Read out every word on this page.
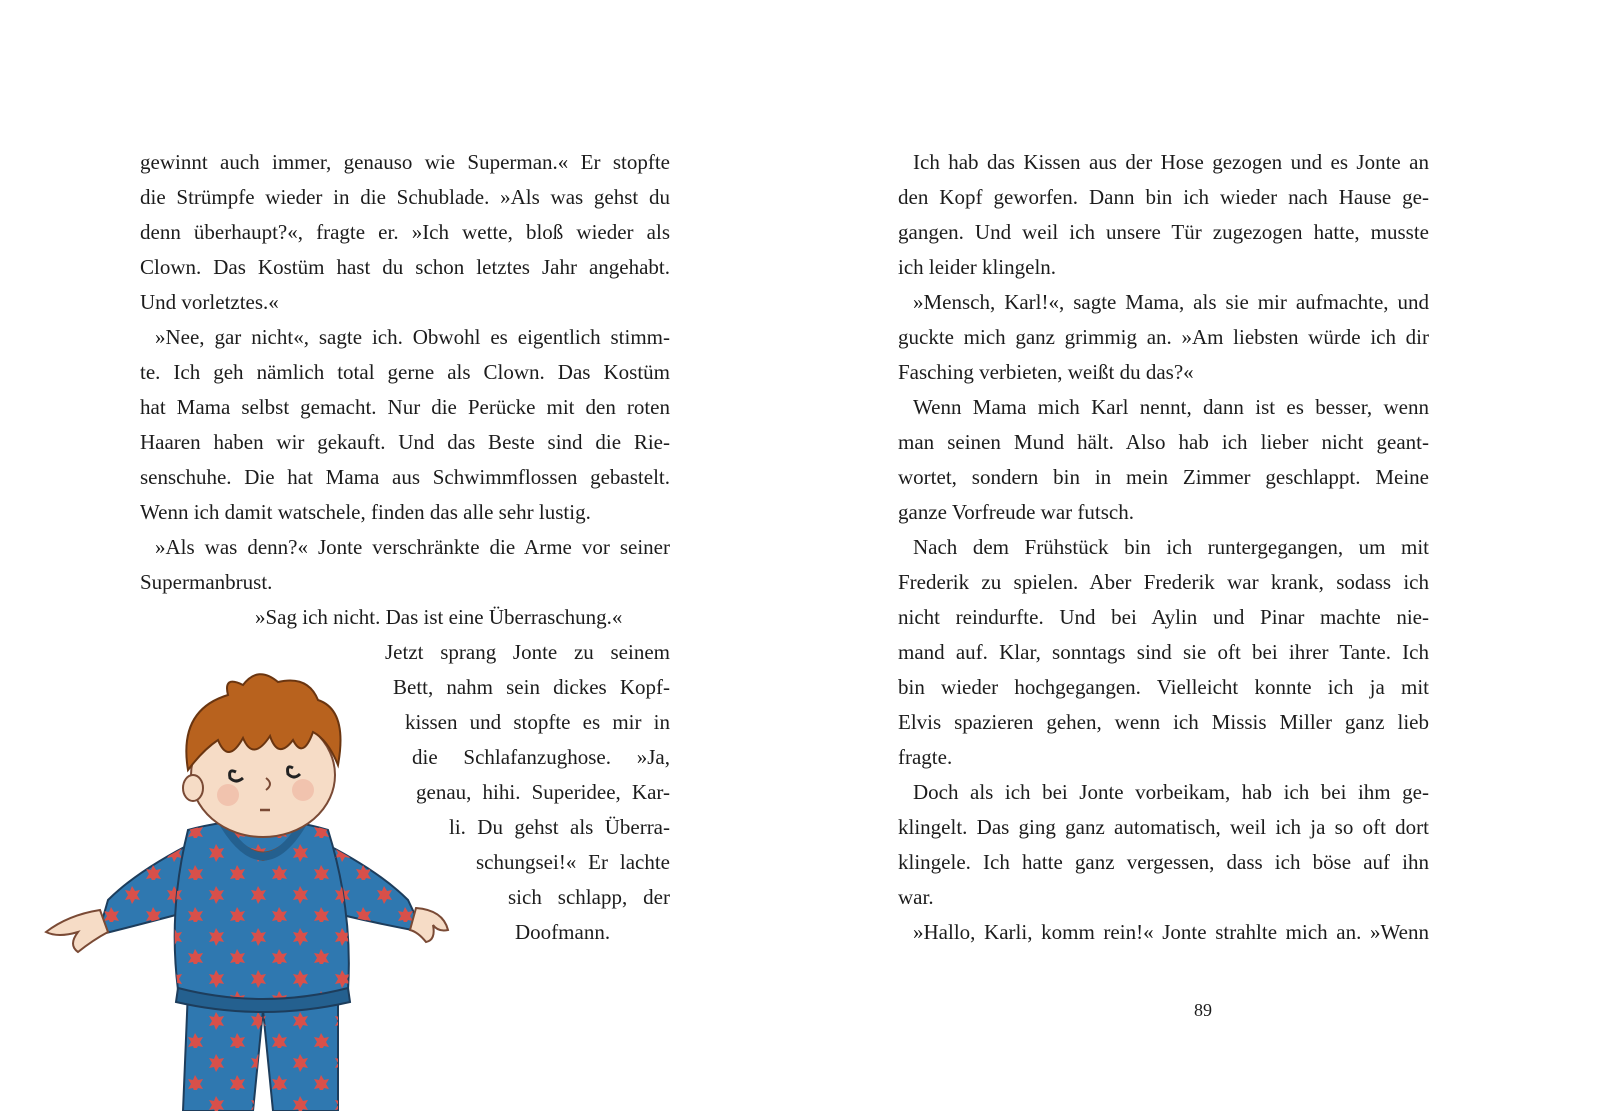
gewinnt auch immer, genauso wie Superman.« Er stopfte
die Strümpfe wieder in die Schublade. »Als was gehst du
denn überhaupt?«, fragte er. »Ich wette, bloß wieder als
Clown. Das Kostüm hast du schon letztes Jahr angehabt.
Und vorletztes.«
»Nee, gar nicht«, sagte ich. Obwohl es eigentlich stimm-
te. Ich geh nämlich total gerne als Clown. Das Kostüm
hat Mama selbst gemacht. Nur die Perücke mit den roten
Haaren haben wir gekauft. Und das Beste sind die Rie-
senschuhe. Die hat Mama aus Schwimmflossen gebastelt.
Wenn ich damit watschele, finden das alle sehr lustig.
»Als was denn?« Jonte verschränkte die Arme vor seiner
Supermanbrust.
»Sag ich nicht. Das ist eine Überraschung.«
Jetzt sprang Jonte zu seinem
Bett, nahm sein dickes Kopf-
kissen und stopfte es mir in
die Schlafanzughose. »Ja,
genau, hihi. Superidee, Kar-
li. Du gehst als Überra-
schungsei!« Er lachte
sich schlapp, der
Doofmann.
Ich hab das Kissen aus der Hose gezogen und es Jonte an
den Kopf geworfen. Dann bin ich wieder nach Hause ge-
gangen. Und weil ich unsere Tür zugezogen hatte, musste
ich leider klingeln.
»Mensch, Karl!«, sagte Mama, als sie mir aufmachte, und
guckte mich ganz grimmig an. »Am liebsten würde ich dir
Fasching verbieten, weißt du das?«
Wenn Mama mich Karl nennt, dann ist es besser, wenn
man seinen Mund hält. Also hab ich lieber nicht geant-
wortet, sondern bin in mein Zimmer geschlappt. Meine
ganze Vorfreude war futsch.
Nach dem Frühstück bin ich runtergegangen, um mit
Frederik zu spielen. Aber Frederik war krank, sodass ich
nicht reindurfte. Und bei Aylin und Pinar machte nie-
mand auf. Klar, sonntags sind sie oft bei ihrer Tante. Ich
bin wieder hochgegangen. Vielleicht konnte ich ja mit
Elvis spazieren gehen, wenn ich Missis Miller ganz lieb
fragte.
Doch als ich bei Jonte vorbeikam, hab ich bei ihm ge-
klingelt. Das ging ganz automatisch, weil ich ja so oft dort
klingele. Ich hatte ganz vergessen, dass ich böse auf ihn
war.
»Hallo, Karli, komm rein!« Jonte strahlte mich an. »Wenn
89
